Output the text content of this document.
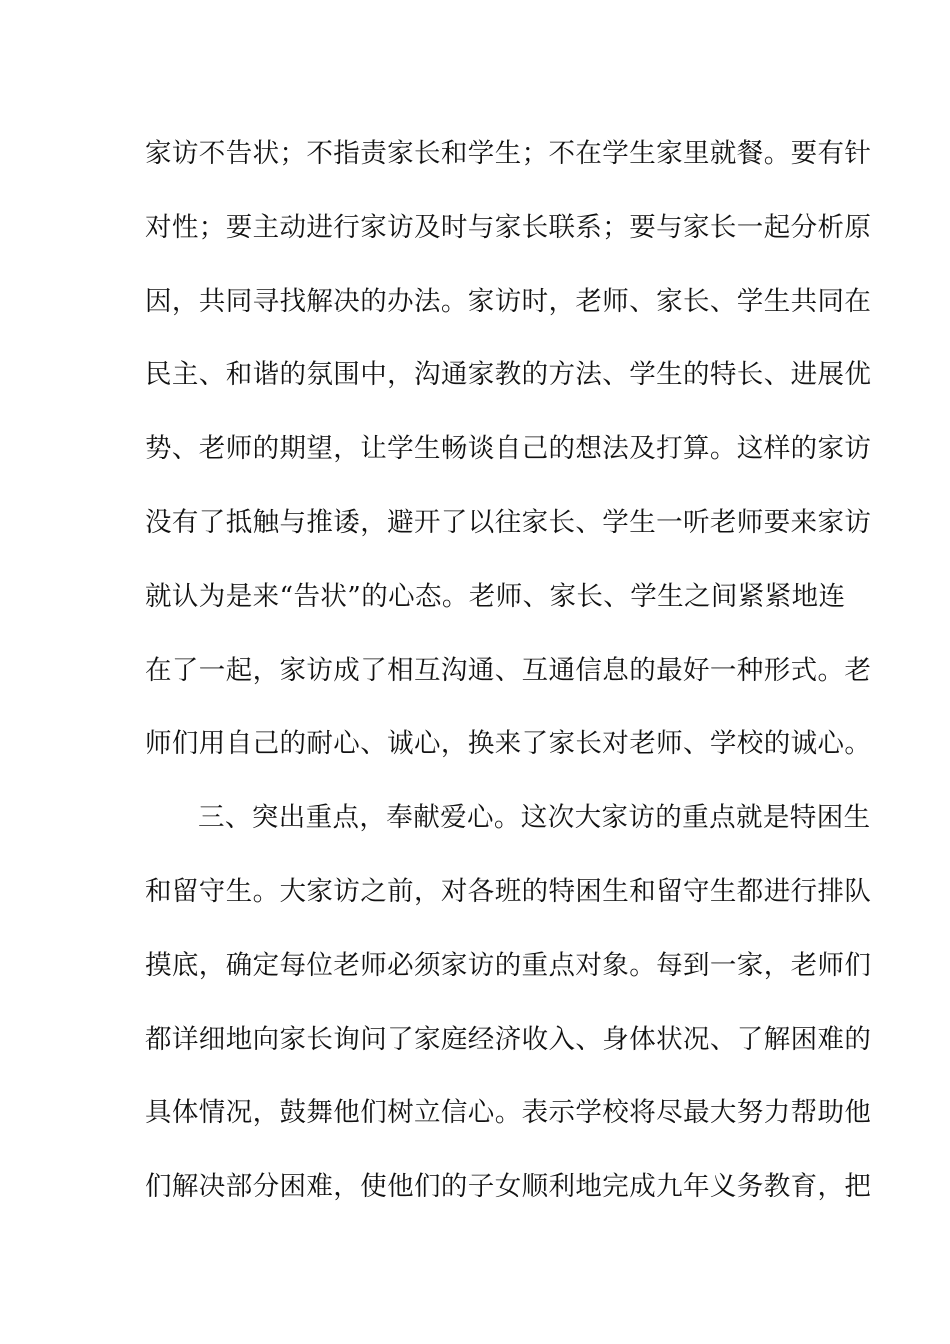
家访不告状；不指责家长和学生；不在学生家里就餐。要有针
对性；要主动进行家访及时与家长联系；要与家长一起分析原
因，共同寻找解决的办法。家访时，老师、家长、学生共同在
民主、和谐的氛围中，沟通家教的方法、学生的特长、进展优
势、老师的期望，让学生畅谈自己的想法及打算。这样的家访
没有了抵触与推诿，避开了以往家长、学生一听老师要来家访
就认为是来“告状”的心态。老师、家长、学生之间紧紧地连
在了一起，家访成了相互沟通、互通信息的最好一种形式。老
师们用自己的耐心、诚心，换来了家长对老师、学校的诚心。
三、突出重点，奉献爱心。这次大家访的重点就是特困生
和留守生。大家访之前，对各班的特困生和留守生都进行排队
摸底，确定每位老师必须家访的重点对象。每到一家，老师们
都详细地向家长询问了家庭经济收入、身体状况、了解困难的
具体情况，鼓舞他们树立信心。表示学校将尽最大努力帮助他
们解决部分困难，使他们的子女顺利地完成九年义务教育，把
